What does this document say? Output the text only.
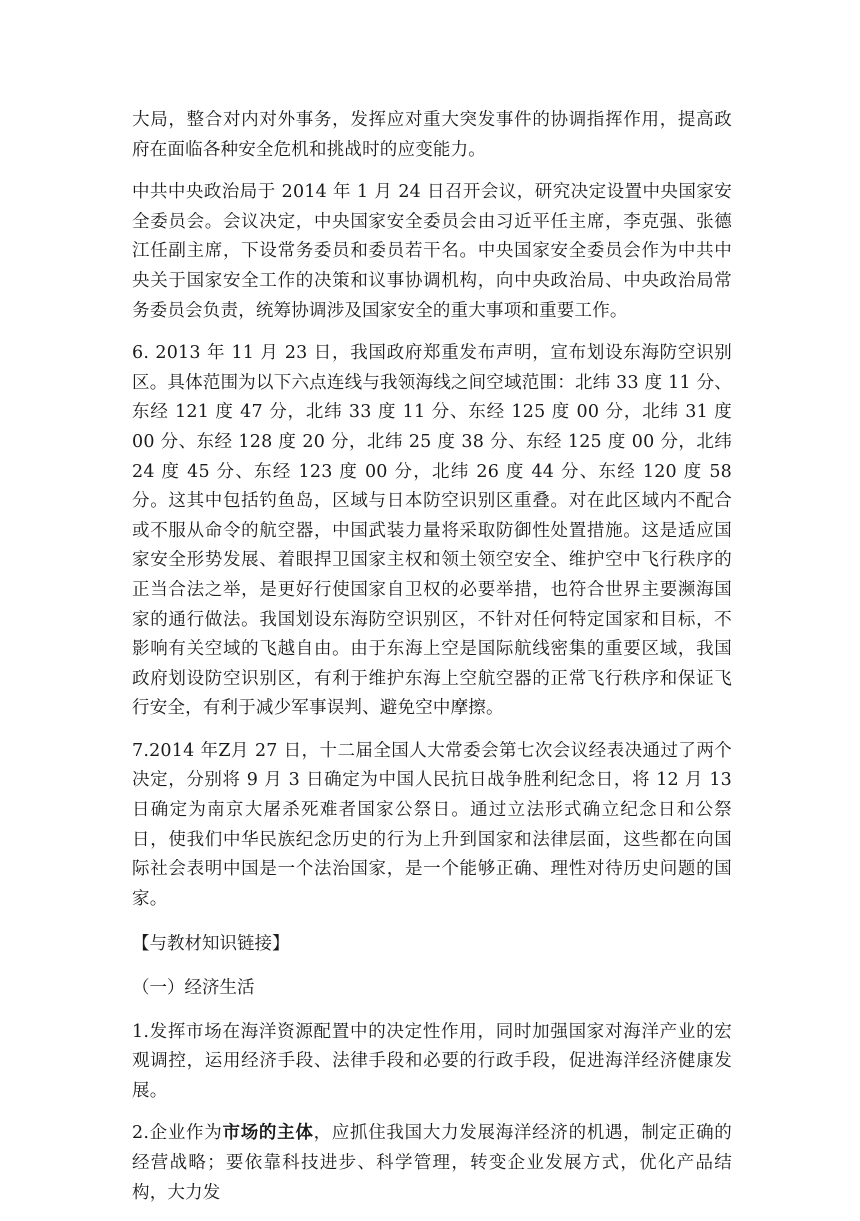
大局，整合对内对外事务，发挥应对重大突发事件的协调指挥作用，提高政府在面临各种安全危机和挑战时的应变能力。

中共中央政治局于 2014 年 1 月 24 日召开会议，研究决定设置中央国家安全委员会。会议决定，中央国家安全委员会由习近平任主席，李克强、张德江任副主席，下设常务委员和委员若干名。中央国家安全委员会作为中共中央关于国家安全工作的决策和议事协调机构，向中央政治局、中央政治局常务委员会负责，统筹协调涉及国家安全的重大事项和重要工作。

6. 2013 年 11 月 23 日，我国政府郑重发布声明，宣布划设东海防空识别区。具体范围为以下六点连线与我领海线之间空域范围：北纬 33 度 11 分、东经 121 度 47 分，北纬 33 度 11 分、东经 125 度 00 分，北纬 31 度 00 分、东经 128 度 20 分，北纬 25 度 38 分、东经 125 度 00 分，北纬 24 度 45 分、东经 123 度 00 分，北纬 26 度 44 分、东经 120 度 58 分。这其中包括钓鱼岛，区域与日本防空识别区重叠。对在此区域内不配合或不服从命令的航空器，中国武装力量将采取防御性处置措施。这是适应国家安全形势发展、着眼捍卫国家主权和领土领空安全、维护空中飞行秩序的正当合法之举，是更好行使国家自卫权的必要举措，也符合世界主要濒海国家的通行做法。我国划设东海防空识别区，不针对任何特定国家和目标，不影响有关空域的飞越自由。由于东海上空是国际航线密集的重要区域，我国政府划设防空识别区，有利于维护东海上空航空器的正常飞行秩序和保证飞行安全，有利于减少军事误判、避免空中摩擦。

7.2014 年Z月 27 日，十二届全国人大常委会第七次会议经表决通过了两个决定，分别将 9 月 3 日确定为中国人民抗日战争胜利纪念日，将 12 月 13 日确定为南京大屠杀死难者国家公祭日。通过立法形式确立纪念日和公祭日，使我们中华民族纪念历史的行为上升到国家和法律层面，这些都在向国际社会表明中国是一个法治国家，是一个能够正确、理性对待历史问题的国家。

【与教材知识链接】

（一）经济生活

1.发挥市场在海洋资源配置中的决定性作用，同时加强国家对海洋产业的宏观调控，运用经济手段、法律手段和必要的行政手段，促进海洋经济健康发展。

2.企业作为市场的主体，应抓住我国大力发展海洋经济的机遇，制定正确的经营战略；要依靠科技进步、科学管理，转变企业发展方式，优化产品结构，大力发
